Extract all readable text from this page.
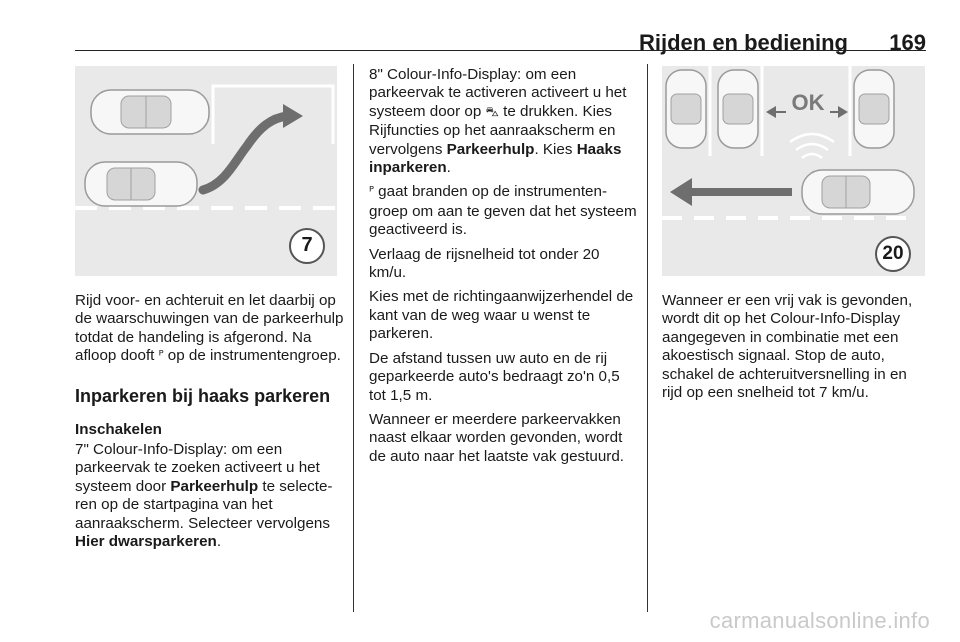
Rijden en bediening 169
7
OK
20

Rijd voor- en achteruit en let daarbij op de waarschuwingen van de parkeerhulp totdat de handeling is afgerond. Na afloop dooft ᴾ op de instrumentengroep.

Inparkeren bij haaks parkeren

Inschakelen

7" Colour-Info-Display: om een parkeervak te zoeken activeert u het systeem door Parkeerhulp te selecteren op de startpagina van het aanraakscherm. Selecteer vervolgens Hier dwarsparkeren.

8" Colour-Info-Display: om een parkeervak te activeren activeert u het systeem door op ⛍ te drukken. Kies Rijfuncties op het aanraakscherm en vervolgens Parkeerhulp. Kies Haaks inparkeren.

ᴾ gaat branden op de instrumentengroep om aan te geven dat het systeem geactiveerd is.

Verlaag de rijsnelheid tot onder 20 km/u.

Kies met de richtingaanwijzerhendel de kant van de weg waar u wenst te parkeren.

De afstand tussen uw auto en de rij geparkeerde auto's bedraagt zo'n 0,5 tot 1,5 m.

Wanneer er meerdere parkeervakken naast elkaar worden gevonden, wordt de auto naar het laatste vak gestuurd.

Wanneer er een vrij vak is gevonden, wordt dit op het Colour-Info-Display aangegeven in combinatie met een akoestisch signaal. Stop de auto, schakel de achteruitversnelling in en rijd op een snelheid tot 7 km/u.

carmanualsonline.info
